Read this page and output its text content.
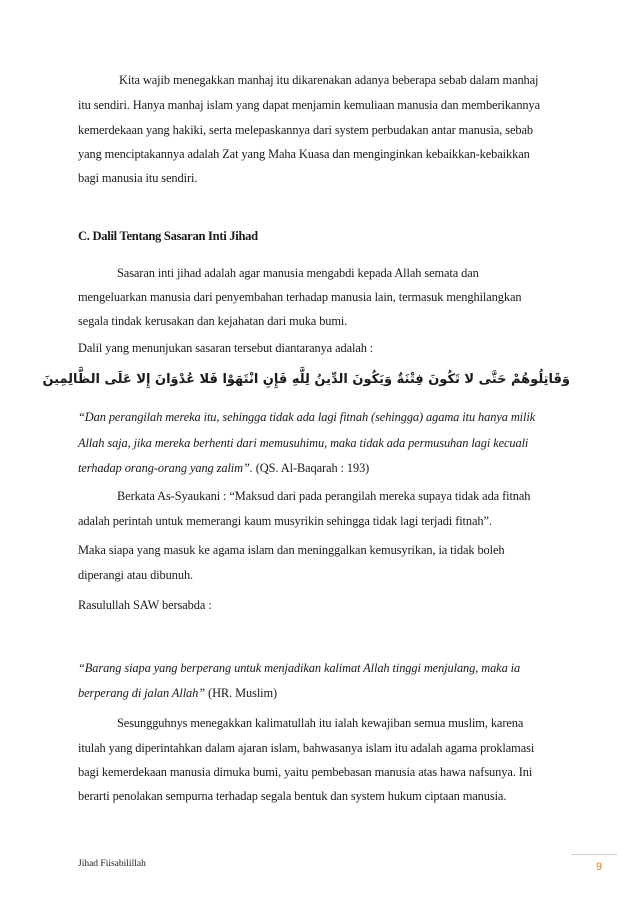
Kita wajib menegakkan manhaj itu dikarenakan adanya beberapa sebab dalam manhaj
itu sendiri. Hanya manhaj islam yang dapat menjamin kemuliaan manusia dan memberikannya
kemerdekaan yang hakiki, serta melepaskannya dari system perbudakan antar manusia, sebab
yang menciptakannya adalah Zat yang Maha Kuasa dan menginginkan kebaikkan-kebaikkan
bagi manusia itu sendiri.
C. Dalil Tentang Sasaran Inti Jihad
Sasaran inti jihad adalah agar manusia mengabdi kepada Allah semata dan
mengeluarkan manusia dari penyembahan terhadap manusia lain, termasuk menghilangkan
segala tindak kerusakan dan kejahatan dari muka bumi.
Dalil yang menunjukan sasaran tersebut diantaranya adalah :
وَقَاتِلُوهُمْ حَتَّى لا تَكُونَ فِتْنَةٌ وَيَكُونَ الدِّينُ لِلَّهِ فَإِنِ انْتَهَوْا فَلا عُدْوَانَ إِلا عَلَى الظَّالِمِينَ
“Dan perangilah mereka itu, sehingga tidak ada lagi fitnah (sehingga) agama itu hanya milik
Allah saja, jika mereka berhenti dari memusuhimu, maka tidak ada permusuhan lagi kecuali
terhadap orang-orang yang zalim”. (QS. Al-Baqarah : 193)
Berkata As-Syaukani : “Maksud dari pada perangilah mereka supaya tidak ada fitnah
adalah perintah untuk memerangi kaum musyrikin sehingga tidak lagi terjadi fitnah”.
Maka siapa yang masuk ke agama islam dan meninggalkan kemusyrikan, ia tidak boleh
diperangi atau dibunuh.
Rasulullah SAW bersabda :
“Barang siapa yang berperang untuk menjadikan kalimat Allah tinggi menjulang, maka ia
berperang di jalan Allah” (HR. Muslim)
Sesungguhnys menegakkan kalimatullah itu ialah kewajiban semua muslim, karena
itulah yang diperintahkan dalam ajaran islam, bahwasanya islam itu adalah agama proklamasi
bagi kemerdekaan manusia dimuka bumi, yaitu pembebasan manusia atas hawa nafsunya. Ini
berarti penolakan sempurna terhadap segala bentuk dan system hukum ciptaan manusia.
Jihad Fiisabilillah	9
